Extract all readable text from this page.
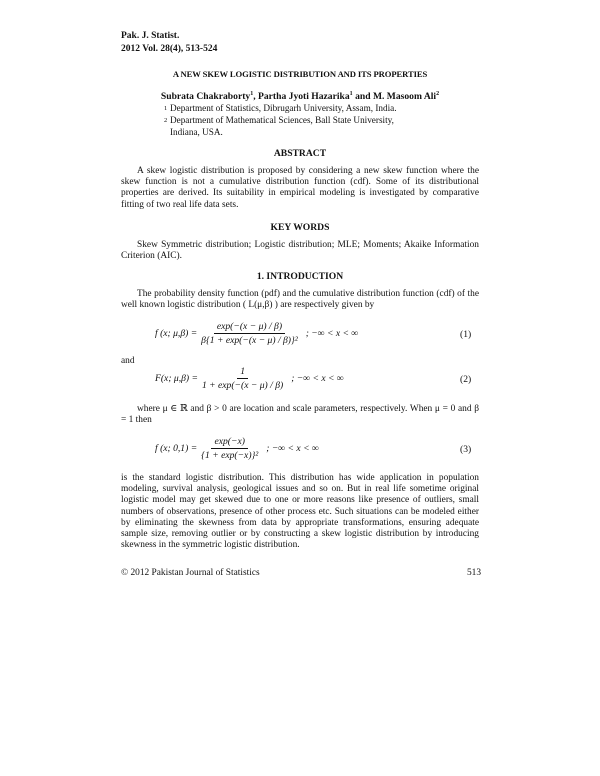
Pak. J. Statist.
2012 Vol. 28(4), 513-524
A NEW SKEW LOGISTIC DISTRIBUTION AND ITS PROPERTIES
Subrata Chakraborty$^1$, Partha Jyoti Hazarika$^1$ and M. Masoom Ali$^2$
1 Department of Statistics, Dibrugarh University, Assam, India.
2 Department of Mathematical Sciences, Ball State University, Indiana, USA.
ABSTRACT
A skew logistic distribution is proposed by considering a new skew function where the skew function is not a cumulative distribution function (cdf). Some of its distributional properties are derived. Its suitability in empirical modeling is investigated by comparative fitting of two real life data sets.
KEY WORDS
Skew Symmetric distribution; Logistic distribution; MLE; Moments; Akaike Information Criterion (AIC).
1. INTRODUCTION
The probability density function (pdf) and the cumulative distribution function (cdf) of the well known logistic distribution ( L(μ,β) ) are respectively given by
f (x; $\mu,\beta) = \frac{\exp(-(x - \mu) / \beta)}{\text{β\{1 + exp(−(x − μ) / β)\}²}}$ ; −∞ < x < ∞	(1)
and
F(x; $\mu,\beta) = \frac{1}{1 + \exp(-(x - \mu) / \beta)}$ ; −∞ < x < ∞	(2)
where μ ∈ ℝ and β > 0 are location and scale parameters, respectively. When μ = 0 and β = 1 then
f (x; $0,1) = \frac{\exp(-x)}{\text{\{1 + exp(−x)\}²}}$ ; −∞ < x < ∞	(3)
is the standard logistic distribution. This distribution has wide application in population modeling, survival analysis, geological issues and so on. But in real life sometime original logistic model may get skewed due to one or more reasons like presence of outliers, small numbers of observations, presence of other process etc. Such situations can be modeled either by eliminating the skewness from data by appropriate transformations, ensuring adequate sample size, removing outlier or by constructing a skew logistic distribution by introducing skewness in the symmetric logistic distribution.
© 2012 Pakistan Journal of Statistics	513
